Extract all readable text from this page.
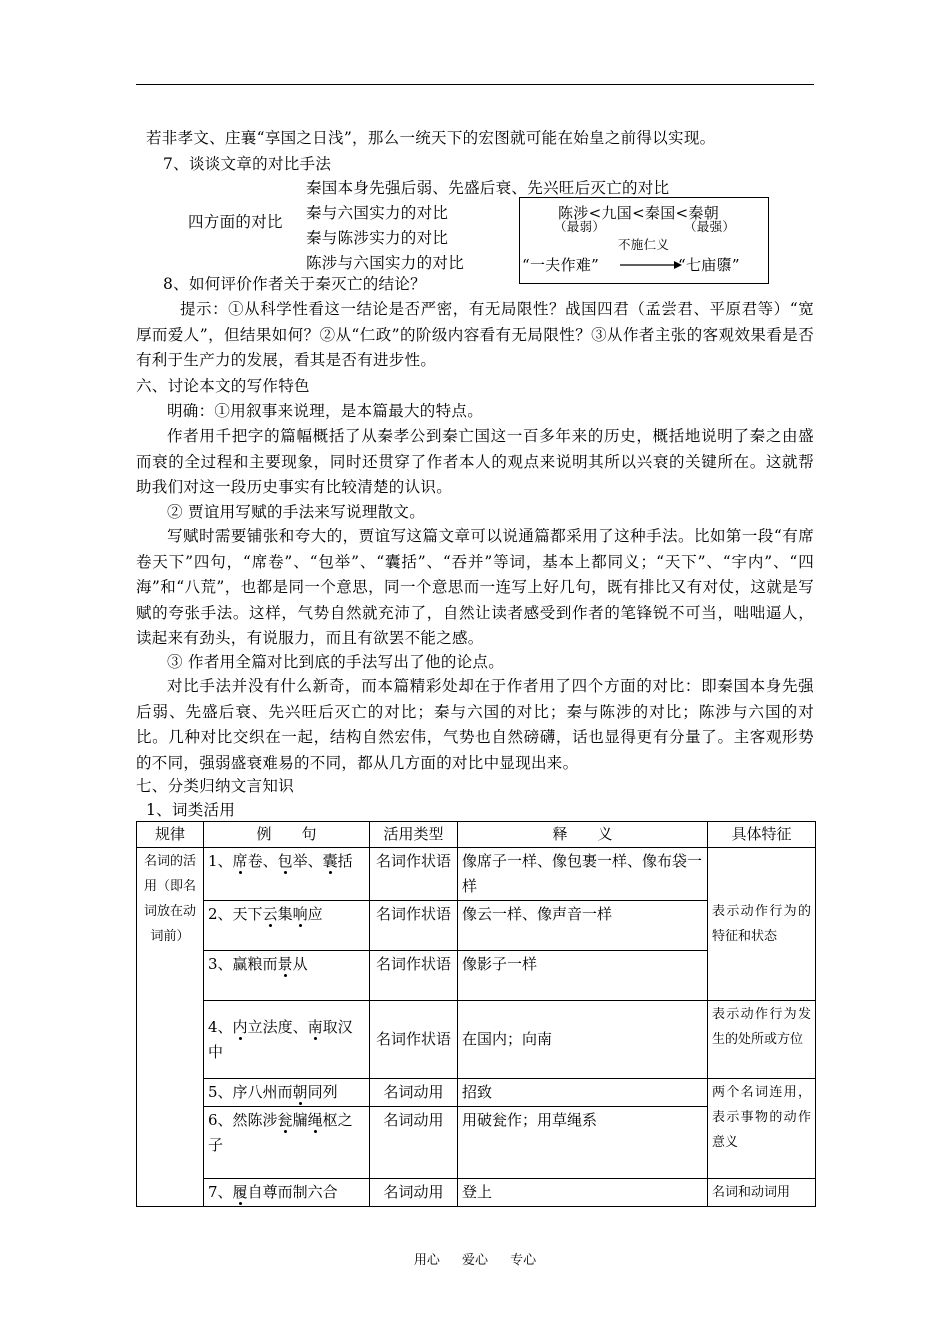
若非孝文、庄襄“享国之日浅”，那么一统天下的宏图就可能在始皇之前得以实现。
7、谈谈文章的对比手法
四方面的对比
秦国本身先强后弱、先盛后衰、先兴旺后灭亡的对比
秦与六国实力的对比
秦与陈涉实力的对比
陈涉与六国实力的对比
陈涉<九国<秦国<秦朝
（最弱）	（最强）
不施仁义
“一夫作难”	“七庙隳”
8、如何评价作者关于秦灭亡的结论？
提示：①从科学性看这一结论是否严密，有无局限性？战国四君（孟尝君、平原君等）“宽厚而爱人”，但结果如何？②从“仁政”的阶级内容看有无局限性？③从作者主张的客观效果看是否有利于生产力的发展，看其是否有进步性。
六、讨论本文的写作特色
明确：①用叙事来说理，是本篇最大的特点。
作者用千把字的篇幅概括了从秦孝公到秦亡国这一百多年来的历史，概括地说明了秦之由盛而衰的全过程和主要现象，同时还贯穿了作者本人的观点来说明其所以兴衰的关键所在。这就帮助我们对这一段历史事实有比较清楚的认识。
② 贾谊用写赋的手法来写说理散文。
写赋时需要铺张和夸大的，贾谊写这篇文章可以说通篇都采用了这种手法。比如第一段“有席卷天下”四句，“席卷”、“包举”、“囊括”、“吞并”等词，基本上都同义；“天下”、“宇内”、“四海”和“八荒”，也都是同一个意思，同一个意思而一连写上好几句，既有排比又有对仗，这就是写赋的夸张手法。这样，气势自然就充沛了，自然让读者感受到作者的笔锋锐不可当，咄咄逼人，读起来有劲头，有说服力，而且有欲罢不能之感。
③ 作者用全篇对比到底的手法写出了他的论点。
对比手法并没有什么新奇，而本篇精彩处却在于作者用了四个方面的对比：即秦国本身先强后弱、先盛后衰、先兴旺后灭亡的对比；秦与六国的对比；秦与陈涉的对比；陈涉与六国的对比。几种对比交织在一起，结构自然宏伟，气势也自然磅礴，话也显得更有分量了。主客观形势的不同，强弱盛衰难易的不同，都从几方面的对比中显现出来。
七、分类归纳文言知识
1、词类活用
规律	例　　句	活用类型	释　　义	具体特征
名词的活用（即名词放在动词前）	1、席卷、包举、囊括	名词作状语	像席子一样、像包裹一样、像布袋一样	表示动作行为的特征和状态
	2、天下云集响应	名词作状语	像云一样、像声音一样	
	3、赢粮而景从	名词作状语	像影子一样	
	4、内立法度、南取汉中	名词作状语	在国内；向南	表示动作行为发生的处所或方位
	5、序八州而朝同列	名词动用	招致	两个名词连用，表示事物的动作意义
	6、然陈涉瓮牖绳枢之子	名词动用	用破瓮作；用草绳系	
	7、履自尊而制六合	名词动用	登上	名词和动词用
用心 爱心 专心
